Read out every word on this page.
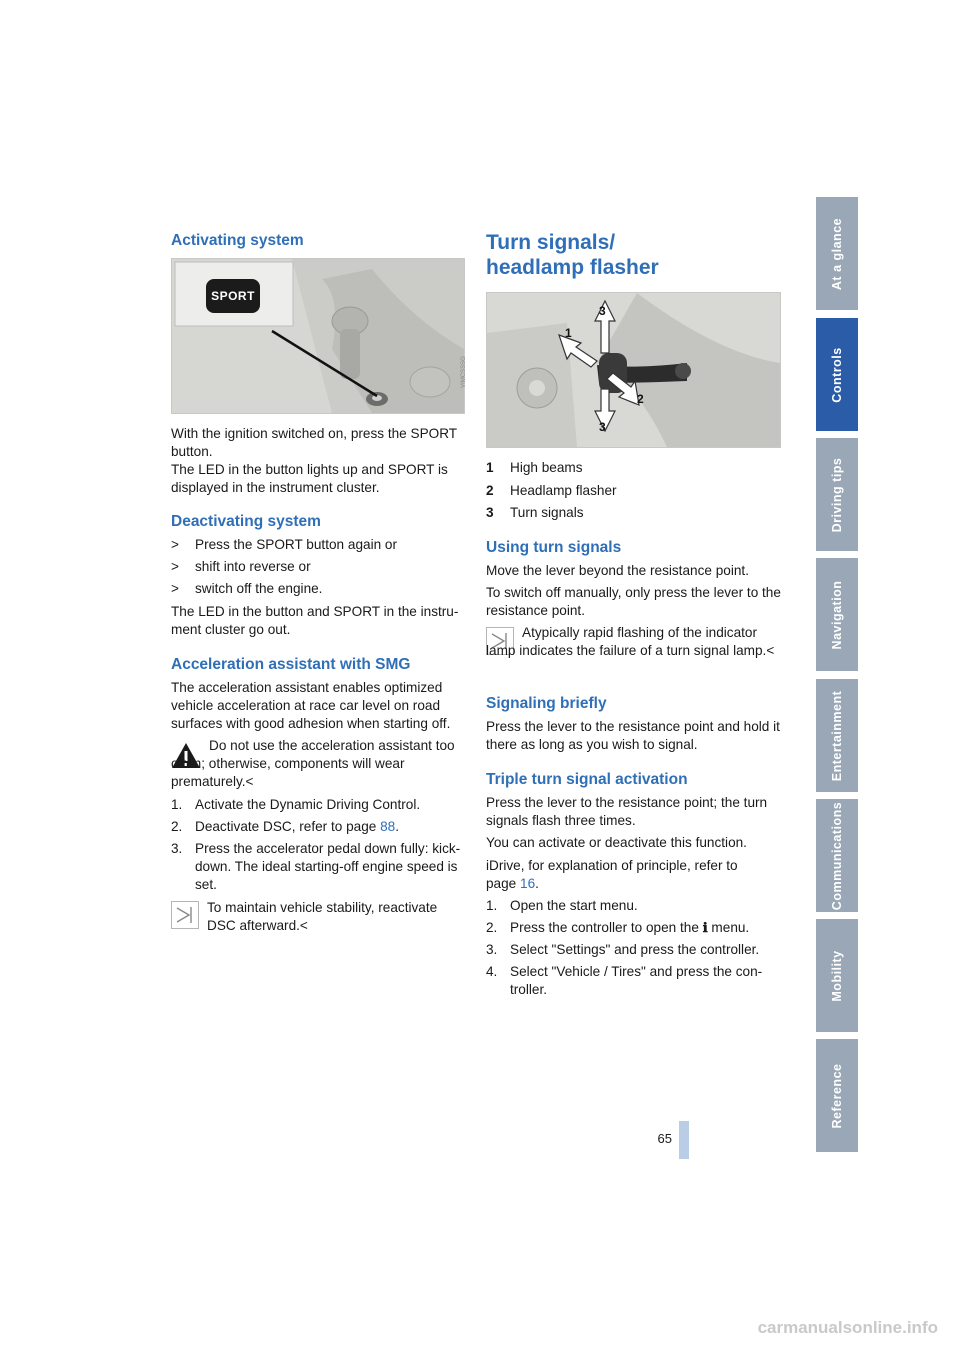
Activating system
SPORT
VIMCSSSG

With the ignition switched on, press the SPORT button.
The LED in the button lights up and SPORT is displayed in the instrument cluster.

Deactivating system
> Press the SPORT button again or
> shift into reverse or
> switch off the engine.

The LED in the button and SPORT in the instru-ment cluster go out.

Acceleration assistant with SMG

The acceleration assistant enables optimized vehicle acceleration at race car level on road surfaces with good adhesion when starting off.

Do not use the acceleration assistant too often; otherwise, components will wear prematurely.<

1. Activate the Dynamic Driving Control.
2. Deactivate DSC, refer to page 88.
3. Press the accelerator pedal down fully: kick-down. The ideal starting-off engine speed is set.

To maintain vehicle stability, reactivate DSC afterward.<

Turn signals/
headlamp flasher
1
3
2
3
1 High beams
2 Headlamp flasher
3 Turn signals
Using turn signals

Move the lever beyond the resistance point.

To switch off manually, only press the lever to the resistance point.

Atypically rapid flashing of the indicator lamp indicates the failure of a turn signal lamp.<

Signaling briefly

Press the lever to the resistance point and hold it there as long as you wish to signal.

Triple turn signal activation

Press the lever to the resistance point; the turn signals flash three times.

You can activate or deactivate this function.

iDrive, for explanation of principle, refer to page 16.

1. Open the start menu.
2. Press the controller to open the ℹ menu.
3. Select "Settings" and press the controller.
4. Select "Vehicle / Tires" and press the con-troller.
At a glance
Controls
Driving tips
Navigation
Entertainment
Communications
Mobility
Reference
65
carmanualsonline.info
